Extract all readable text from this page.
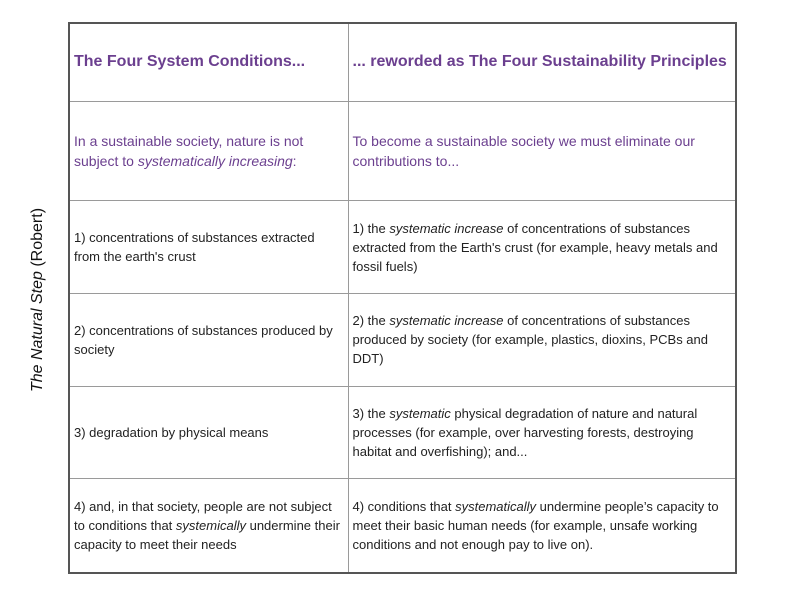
The Natural Step (Robert)
The Four System Conditions...	... reworded as The Four Sustainability Principles
In a sustainable society, nature is not subject to systematically increasing:	To become a sustainable society we must eliminate our contributions to...
1) concentrations of substances extracted from the earth's crust	1) the systematic increase of concentrations of substances extracted from the Earth's crust (for example, heavy metals and fossil fuels)
2) concentrations of substances produced by society	2) the systematic increase of concentrations of substances produced by society (for example, plastics, dioxins, PCBs and DDT)
3) degradation by physical means	3) the systematic physical degradation of nature and natural processes (for example, over harvesting forests, destroying habitat and overfishing); and...
4) and, in that society, people are not subject to conditions that systemically undermine their capacity to meet their needs	4) conditions that systematically undermine people’s capacity to meet their basic human needs (for example, unsafe working conditions and not enough pay to live on).
